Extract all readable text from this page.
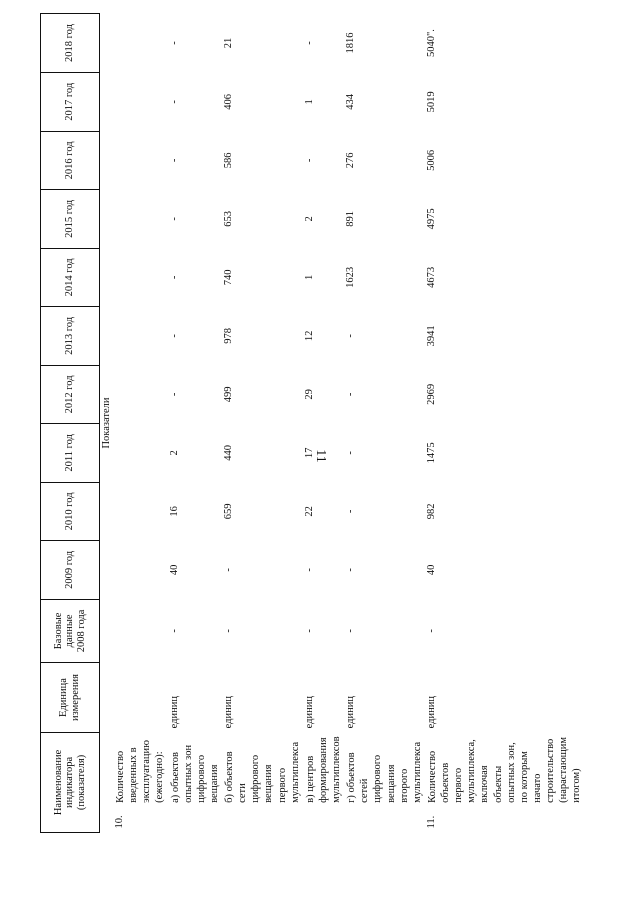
11
Наименование индикатора (показателя)		Единица измерения	Базовые данные 2008 года	2009 год	2010 год	2011 год	2012 год	2013 год	2014 год	2015 год	2016 год	2017 год	2018 год
Показатели													
10.	Количество введенных в эксплуатацию (ежегодно):												
	а) объектов опытных зон цифрового вещания	единиц	-	40	16	2	-	-	-	-	-	-	-
	б) объектов сети цифрового вещания первого мультиплекса	единиц	-	-	659	440	499	978	740	653	586	406	21
	в) центров формирования мультиплексов	единиц	-	-	22	17	29	12	1	2	-	1	-
	г) объектов сетей цифрового вещания второго мультиплекса	единиц	-	-	-	-	-	-	1623	891	276	434	1816
11.	Количество объектов первого мультиплекса, включая объекты опытных зон, по которым начато строительство (нарастающим итогом)	единиц	-	40	982	1475	2969	3941	4673	4975	5006	5019	5040".
